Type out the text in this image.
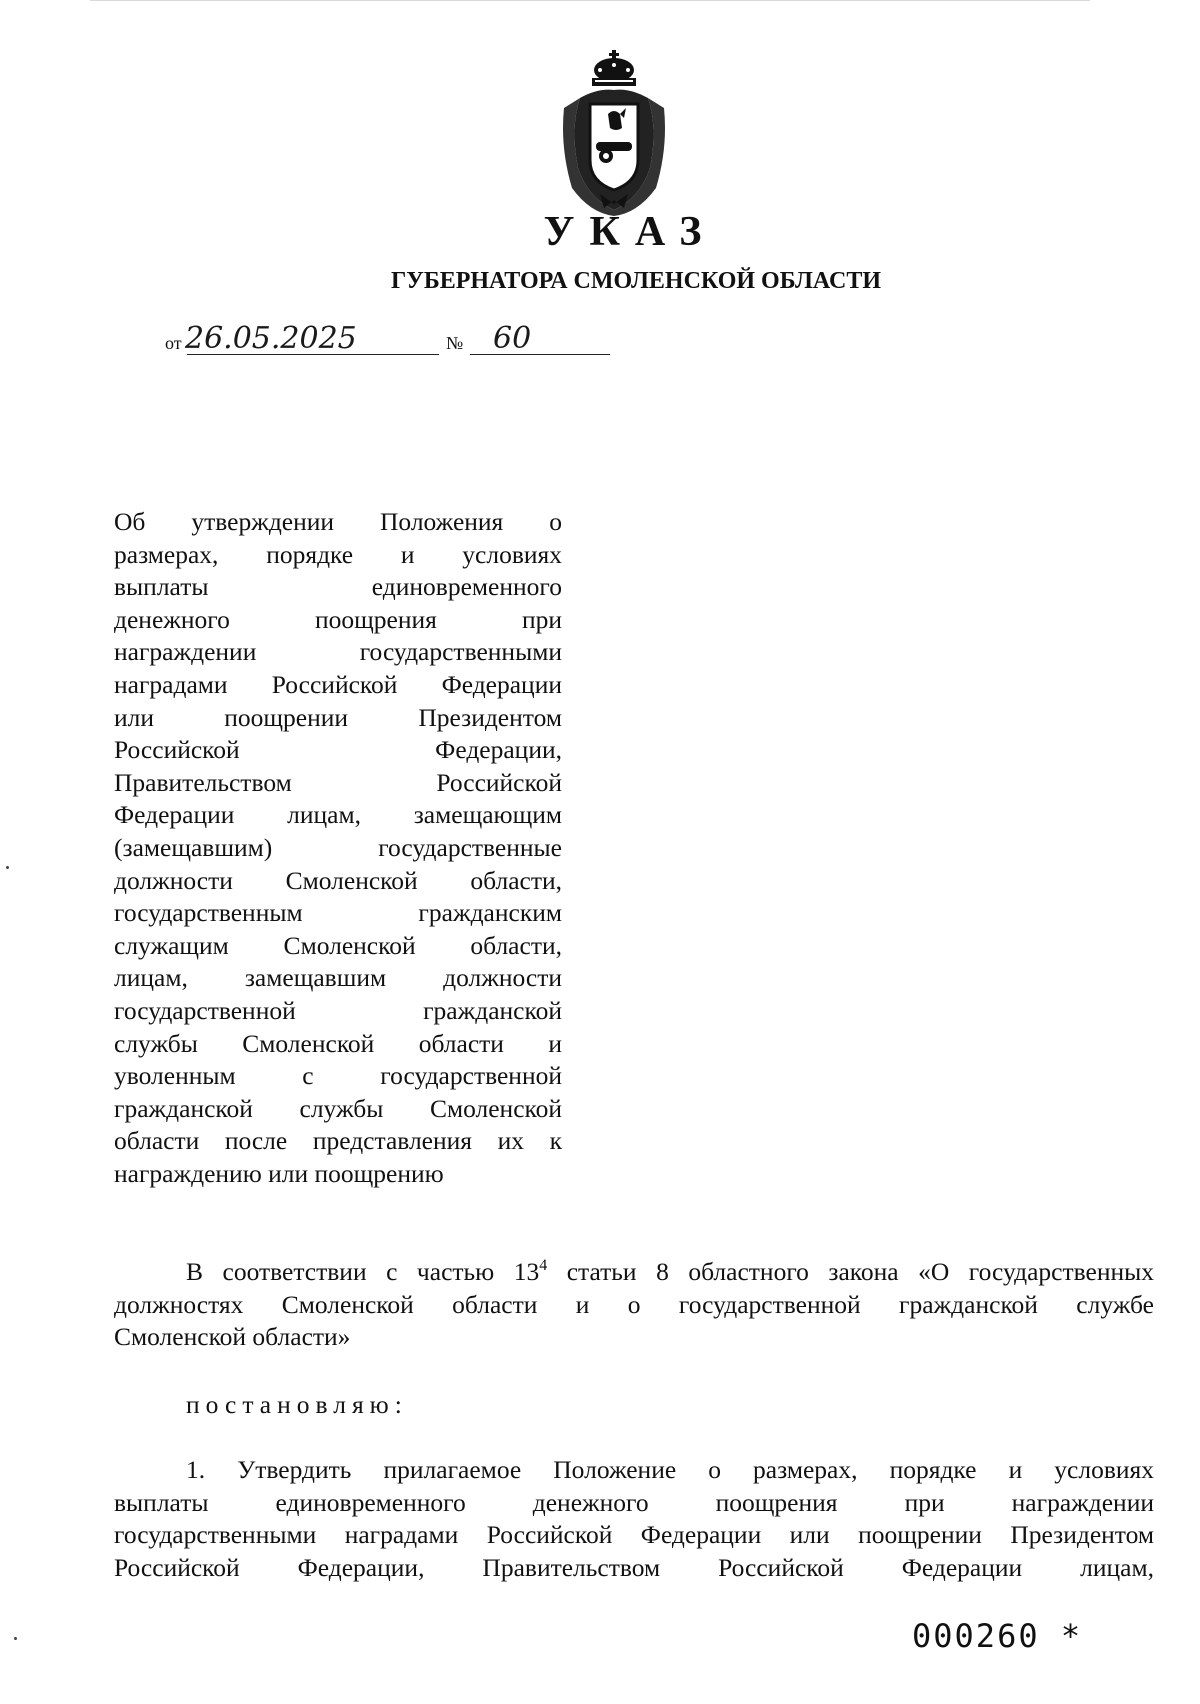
УКАЗ
ГУБЕРНАТОРА СМОЛЕНСКОЙ ОБЛАСТИ
от 26.05.2025	№ 60
Об утверждении Положения о
размерах, порядке и условиях
выплаты единовременного
денежного поощрения при
награждении государственными
наградами Российской Федерации
или поощрении Президентом
Российской Федерации,
Правительством Российской
Федерации лицам, замещающим
(замещавшим) государственные
должности Смоленской области,
государственным гражданским
служащим Смоленской области,
лицам, замещавшим должности
государственной гражданской
службы Смоленской области и
уволенным с государственной
гражданской службы Смоленской
области после представления их к
награждению или поощрению
В соответствии с частью $13^4$ статьи 8 областного закона «О государственных
должностях Смоленской области и о государственной гражданской службе
Смоленской области»
постановляю:
1. Утвердить прилагаемое Положение о размерах, порядке и условиях
выплаты единовременного денежного поощрения при награждении
государственными наградами Российской Федерации или поощрении Президентом
Российской Федерации, Правительством Российской Федерации лицам,
000260 *
